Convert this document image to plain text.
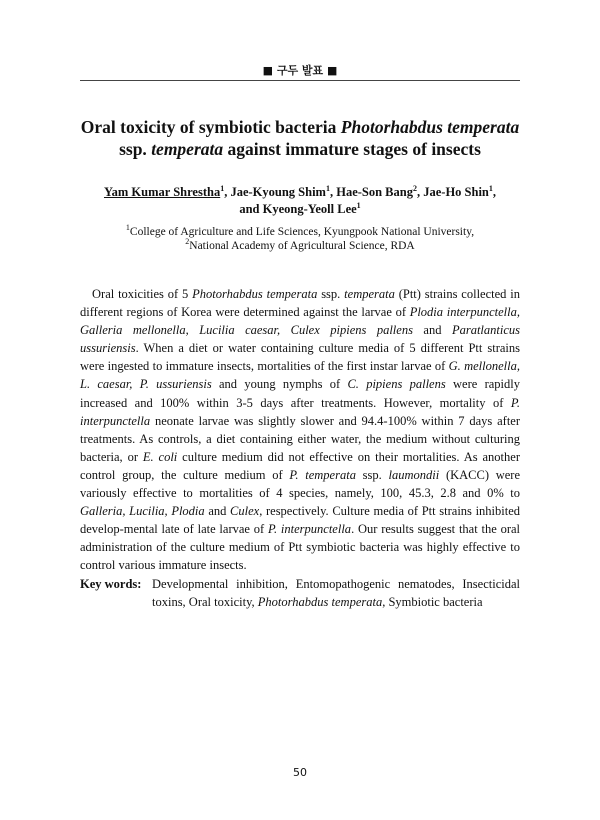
■ 구두 발표 ■
Oral toxicity of symbiotic bacteria Photorhabdus temperata ssp. temperata against immature stages of insects
Yam Kumar Shrestha$^1$, Jae-Kyoung Shim$^1$, Hae-Son Bang$^2$, Jae-Ho Shin$^1$,
and Kyeong-Yeoll Lee$^1$
$^1$College of Agriculture and Life Sciences, Kyungpook National University,
$^2$National Academy of Agricultural Science, RDA

Oral toxicities of 5 Photorhabdus temperata ssp. temperata (Ptt) strains collected in different regions of Korea were determined against the larvae of Plodia interpunctella, Galleria mellonella, Lucilia caesar, Culex pipiens pallens and Paratlanticus ussuriensis. When a diet or water containing culture media of 5 different Ptt strains were ingested to immature insects, mortalities of the first instar larvae of G. mellonella, L. caesar, P. ussuriensis and young nymphs of C. pipiens pallens were rapidly increased and 100% within 3-5 days after treatments. However, mortality of P. interpunctella neonate larvae was slightly slower and 94.4-100% within 7 days after treatments. As controls, a diet containing either water, the medium without culturing bacteria, or E. coli culture medium did not effective on their mortalities. As another control group, the culture medium of P. temperata ssp. laumondii (KACC) were variously effective to mortalities of 4 species, namely, 100, 45.3, 2.8 and 0% to Galleria, Lucilia, Plodia and Culex, respectively. Culture media of Ptt strains inhibited develop-mental late of late larvae of P. interpunctella. Our results suggest that the oral administration of the culture medium of Ptt symbiotic bacteria was highly effective to control various immature insects.

Key words: Developmental inhibition, Entomopathogenic nematodes, Insecticidal toxins, Oral toxicity, Photorhabdus temperata, Symbiotic bacteria
50
